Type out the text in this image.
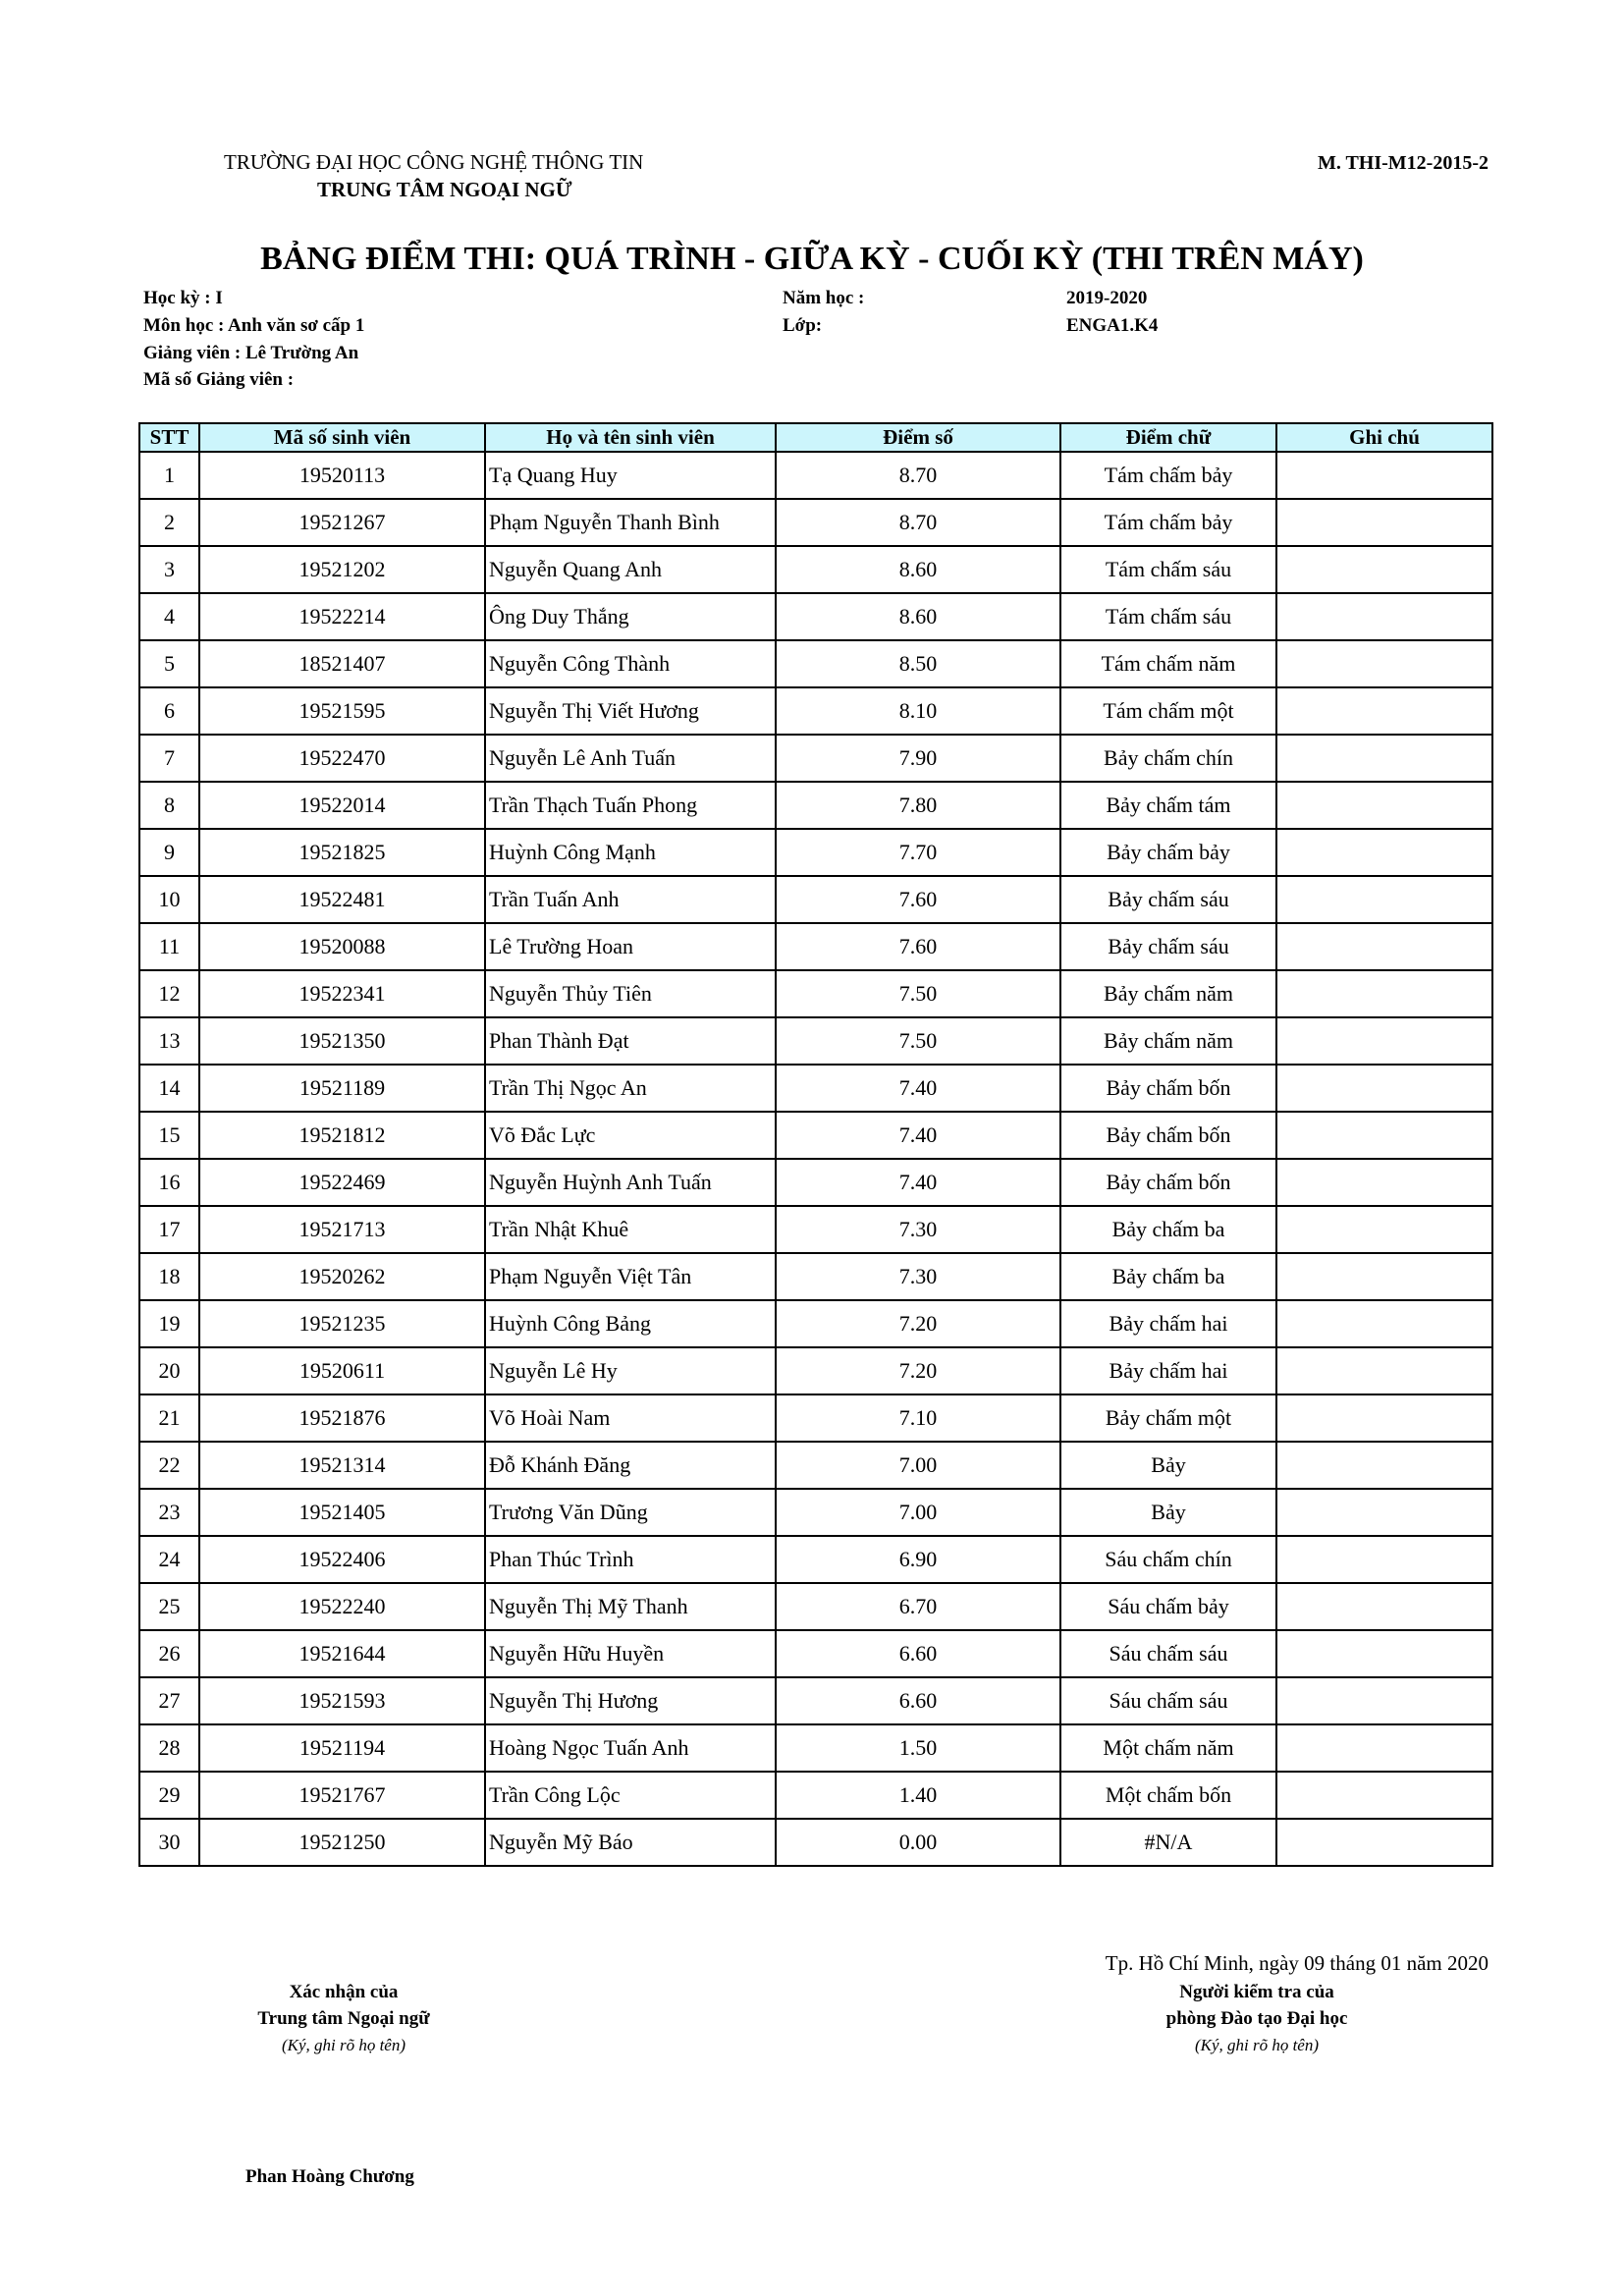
TRƯỜNG ĐẠI HỌC CÔNG NGHỆ THÔNG TIN
TRUNG TÂM NGOẠI NGỮ
M. THI-M12-2015-2
BẢNG ĐIỂM THI: QUÁ TRÌNH - GIỮA KỲ - CUỐI KỲ (THI TRÊN MÁY)
Học kỳ : I
Môn học : Anh văn sơ cấp 1
Giảng viên : Lê Trường An
Mã số Giảng viên :
Năm học :
Lớp:
2019-2020
ENGA1.K4
STT	Mã số sinh viên	Họ và tên sinh viên	Điểm số	Điểm chữ	Ghi chú
1	19520113	Tạ Quang Huy	8.70	Tám chấm bảy	
2	19521267	Phạm Nguyễn Thanh Bình	8.70	Tám chấm bảy	
3	19521202	Nguyễn Quang Anh	8.60	Tám chấm sáu	
4	19522214	Ông Duy Thắng	8.60	Tám chấm sáu	
5	18521407	Nguyễn Công Thành	8.50	Tám chấm năm	
6	19521595	Nguyễn Thị Viết Hương	8.10	Tám chấm một	
7	19522470	Nguyễn Lê Anh Tuấn	7.90	Bảy chấm chín	
8	19522014	Trần Thạch Tuấn Phong	7.80	Bảy chấm tám	
9	19521825	Huỳnh Công Mạnh	7.70	Bảy chấm bảy	
10	19522481	Trần Tuấn Anh	7.60	Bảy chấm sáu	
11	19520088	Lê Trường Hoan	7.60	Bảy chấm sáu	
12	19522341	Nguyễn Thủy Tiên	7.50	Bảy chấm năm	
13	19521350	Phan Thành Đạt	7.50	Bảy chấm năm	
14	19521189	Trần Thị Ngọc An	7.40	Bảy chấm bốn	
15	19521812	Võ Đắc Lực	7.40	Bảy chấm bốn	
16	19522469	Nguyễn Huỳnh Anh Tuấn	7.40	Bảy chấm bốn	
17	19521713	Trần Nhật Khuê	7.30	Bảy chấm ba	
18	19520262	Phạm Nguyễn Việt Tân	7.30	Bảy chấm ba	
19	19521235	Huỳnh Công Bảng	7.20	Bảy chấm hai	
20	19520611	Nguyễn Lê Hy	7.20	Bảy chấm hai	
21	19521876	Võ Hoài Nam	7.10	Bảy chấm một	
22	19521314	Đỗ Khánh Đăng	7.00	Bảy	
23	19521405	Trương Văn Dũng	7.00	Bảy	
24	19522406	Phan Thúc Trình	6.90	Sáu chấm chín	
25	19522240	Nguyễn Thị Mỹ Thanh	6.70	Sáu chấm bảy	
26	19521644	Nguyễn Hữu Huyền	6.60	Sáu chấm sáu	
27	19521593	Nguyễn Thị Hương	6.60	Sáu chấm sáu	
28	19521194	Hoàng Ngọc Tuấn Anh	1.50	Một chấm năm	
29	19521767	Trần Công Lộc	1.40	Một chấm bốn	
30	19521250	Nguyễn Mỹ Báo	0.00	#N/A	
Tp. Hồ Chí Minh, ngày 09 tháng 01 năm 2020
Xác nhận của
Trung tâm Ngoại ngữ
(Ký, ghi rõ họ tên)
Người kiểm tra của
phòng Đào tạo Đại học
(Ký, ghi rõ họ tên)
Phan Hoàng Chương
